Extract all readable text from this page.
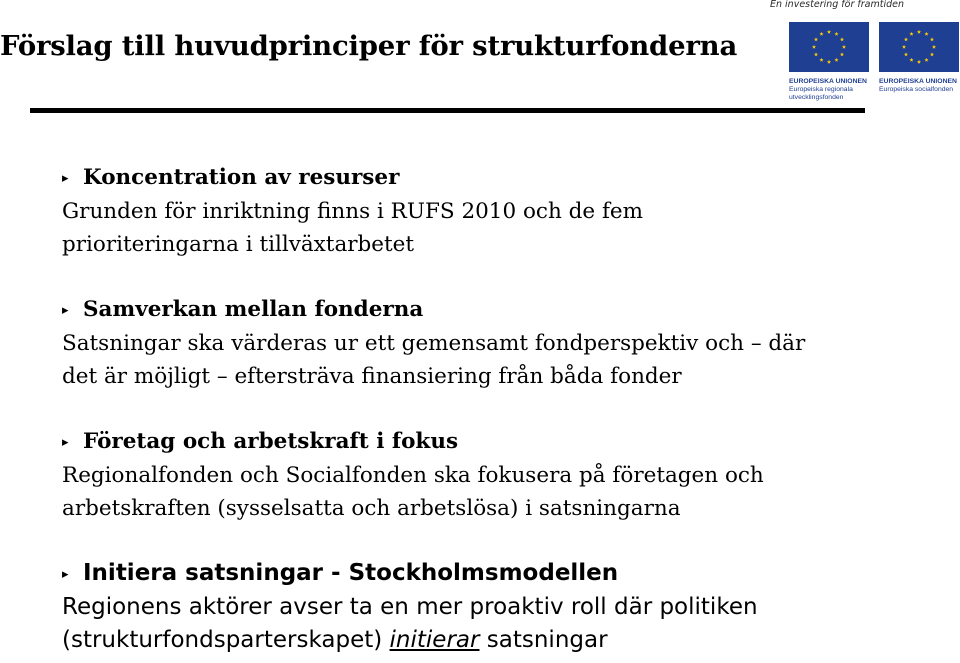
Förslag till huvudprinciper för strukturfonderna
En investering för framtiden
EUROPEISKA UNIONEN
Europeiska regionala
utvecklingsfonden
EUROPEISKA UNIONEN
Europeiska socialfonden
▸ Koncentration av resurser
Grunden för inriktning finns i RUFS 2010 och de fem
prioriteringarna i tillväxtarbetet
▸ Samverkan mellan fonderna
Satsningar ska värderas ur ett gemensamt fondperspektiv och – där
det är möjligt – eftersträva finansiering från båda fonder
▸ Företag och arbetskraft i fokus
Regionalfonden och Socialfonden ska fokusera på företagen och
arbetskraften (sysselsatta och arbetslösa) i satsningarna
▸ Initiera satsningar - Stockholmsmodellen
Regionens aktörer avser ta en mer proaktiv roll där politiken
(strukturfondsparterskapet) initierar satsningar
